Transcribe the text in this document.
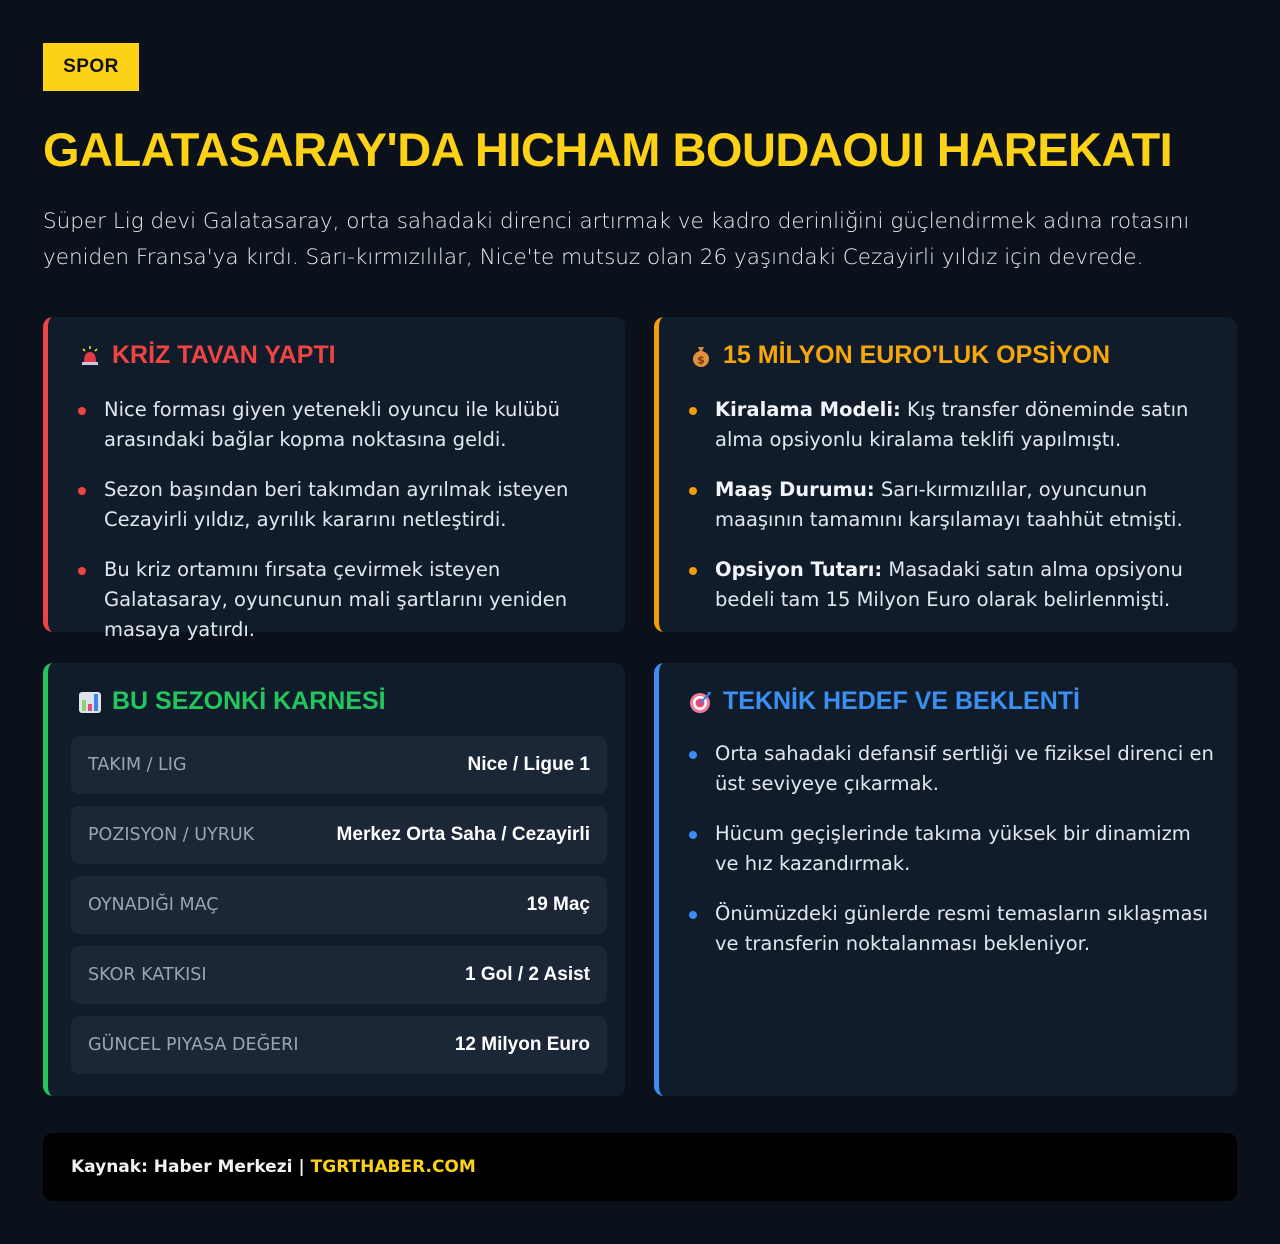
SPOR
GALATASARAY'DA HICHAM BOUDAOUI HAREKATI

Süper Lig devi Galatasaray, orta sahadaki direnci artırmak ve kadro derinliğini güçlendirmek adına rotasını yeniden Fransa'ya kırdı. Sarı-kırmızılılar, Nice'te mutsuz olan 26 yaşındaki Cezayirli yıldız için devrede.

KRİZ TAVAN YAPTI
Nice forması giyen yetenekli oyuncu ile kulübü arasındaki bağlar kopma noktasına geldi.
Sezon başından beri takımdan ayrılmak isteyen Cezayirli yıldız, ayrılık kararını netleştirdi.
Bu kriz ortamını fırsata çevirmek isteyen Galatasaray, oyuncunun mali şartlarını yeniden masaya yatırdı.
$ 15 MİLYON EURO'LUK OPSİYON
Kiralama Modeli: Kış transfer döneminde satın alma opsiyonlu kiralama teklifi yapılmıştı.
Maaş Durumu: Sarı-kırmızılılar, oyuncunun maaşının tamamını karşılamayı taahhüt etmişti.
Opsiyon Tutarı: Masadaki satın alma opsiyonu bedeli tam 15 Milyon Euro olarak belirlenmişti.
BU SEZONKİ KARNESİ
TAKIM / LIG	Nice / Ligue 1
POZISYON / UYRUK	Merkez Orta Saha / Cezayirli
OYNADIĞI MAÇ	19 Maç
SKOR KATKISI	1 Gol / 2 Asist
GÜNCEL PIYASA DEĞERI	12 Milyon Euro
TEKNİK HEDEF VE BEKLENTİ
Orta sahadaki defansif sertliği ve fiziksel direnci en üst seviyeye çıkarmak.
Hücum geçişlerinde takıma yüksek bir dinamizm ve hız kazandırmak.
Önümüzdeki günlerde resmi temasların sıklaşması ve transferin noktalanması bekleniyor.
Kaynak: Haber Merkezi | TGRTHABER.COM
